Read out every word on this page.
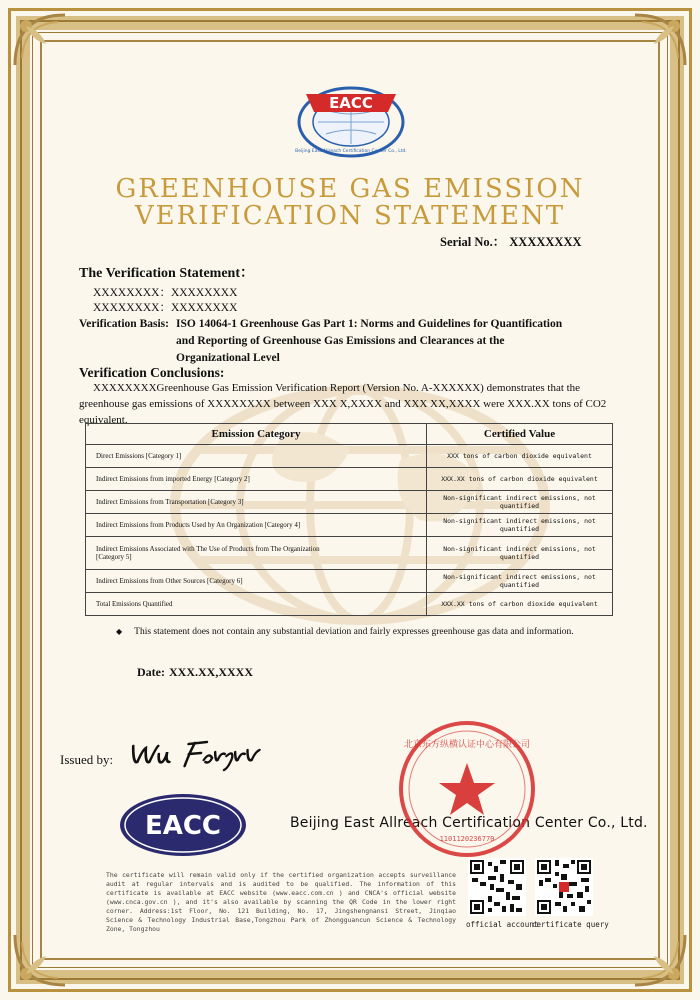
EACC
Beijing East Allreach Certification Center Co., Ltd.
GREENHOUSE GAS EMISSION
VERIFICATION STATEMENT
Serial No.： XXXXXXXX
The Verification Statement：
XXXXXXXX：XXXXXXXX
XXXXXXXX：XXXXXXXX
Verification Basis: ISO 14064-1 Greenhouse Gas Part 1: Norms and Guidelines for Quantification
and Reporting of Greenhouse Gas Emissions and Clearances at the
Organizational Level
Verification Conclusions:
XXXXXXXXGreenhouse Gas Emission Verification Report (Version No. A-XXXXXX) demonstrates that the greenhouse gas emissions of XXXXXXXX between XXX X,XXXX and XXX XX,XXXX were XXX.XX tons of CO2 equivalent.
Emission Category	Certified Value
Direct Emissions [Category 1]	XXX tons of carbon dioxide equivalent
Indirect Emissions from imported Energy [Category 2]	XXX.XX tons of carbon dioxide equivalent
Indirect Emissions from Transportation [Category 3]	Non-significant indirect emissions, not quantified
Indirect Emissions from Products Used by An Organization [Category 4]	Non-significant indirect emissions, not quantified
Indirect Emissions Associated with The Use of Products from The Organization [Category 5]	Non-significant indirect emissions, not quantified
Indirect Emissions from Other Sources [Category 6]	Non-significant indirect emissions, not quantified
Total Emissions Quantified	XXX.XX tons of carbon dioxide equivalent
◆ This statement does not contain any substantial deviation and fairly expresses greenhouse gas data and information.
Date: XXX.XX,XXXX
Issued by:
EACC	Beijing East Allreach Certification Center Co., Ltd.
北京东方纵横认证中心有限公司
1101120236770
The certificate will remain valid only if the certified organization accepts surveillance audit at regular intervals and is audited to be qualified. The information of this certificate is available at EACC website (www.eacc.com.cn ) and CNCA's official website (www.cnca.gov.cn ), and it's also available by scanning the QR Code in the lower right corner. Address:1st Floor, No. 121 Building, No. 17, Jingshengnansi Street, Jinqiao Science & Technology Industrial Base,Tongzhou Park of Zhongguancun Science & Technology Zone, Tongzhou	official account
certificate query
